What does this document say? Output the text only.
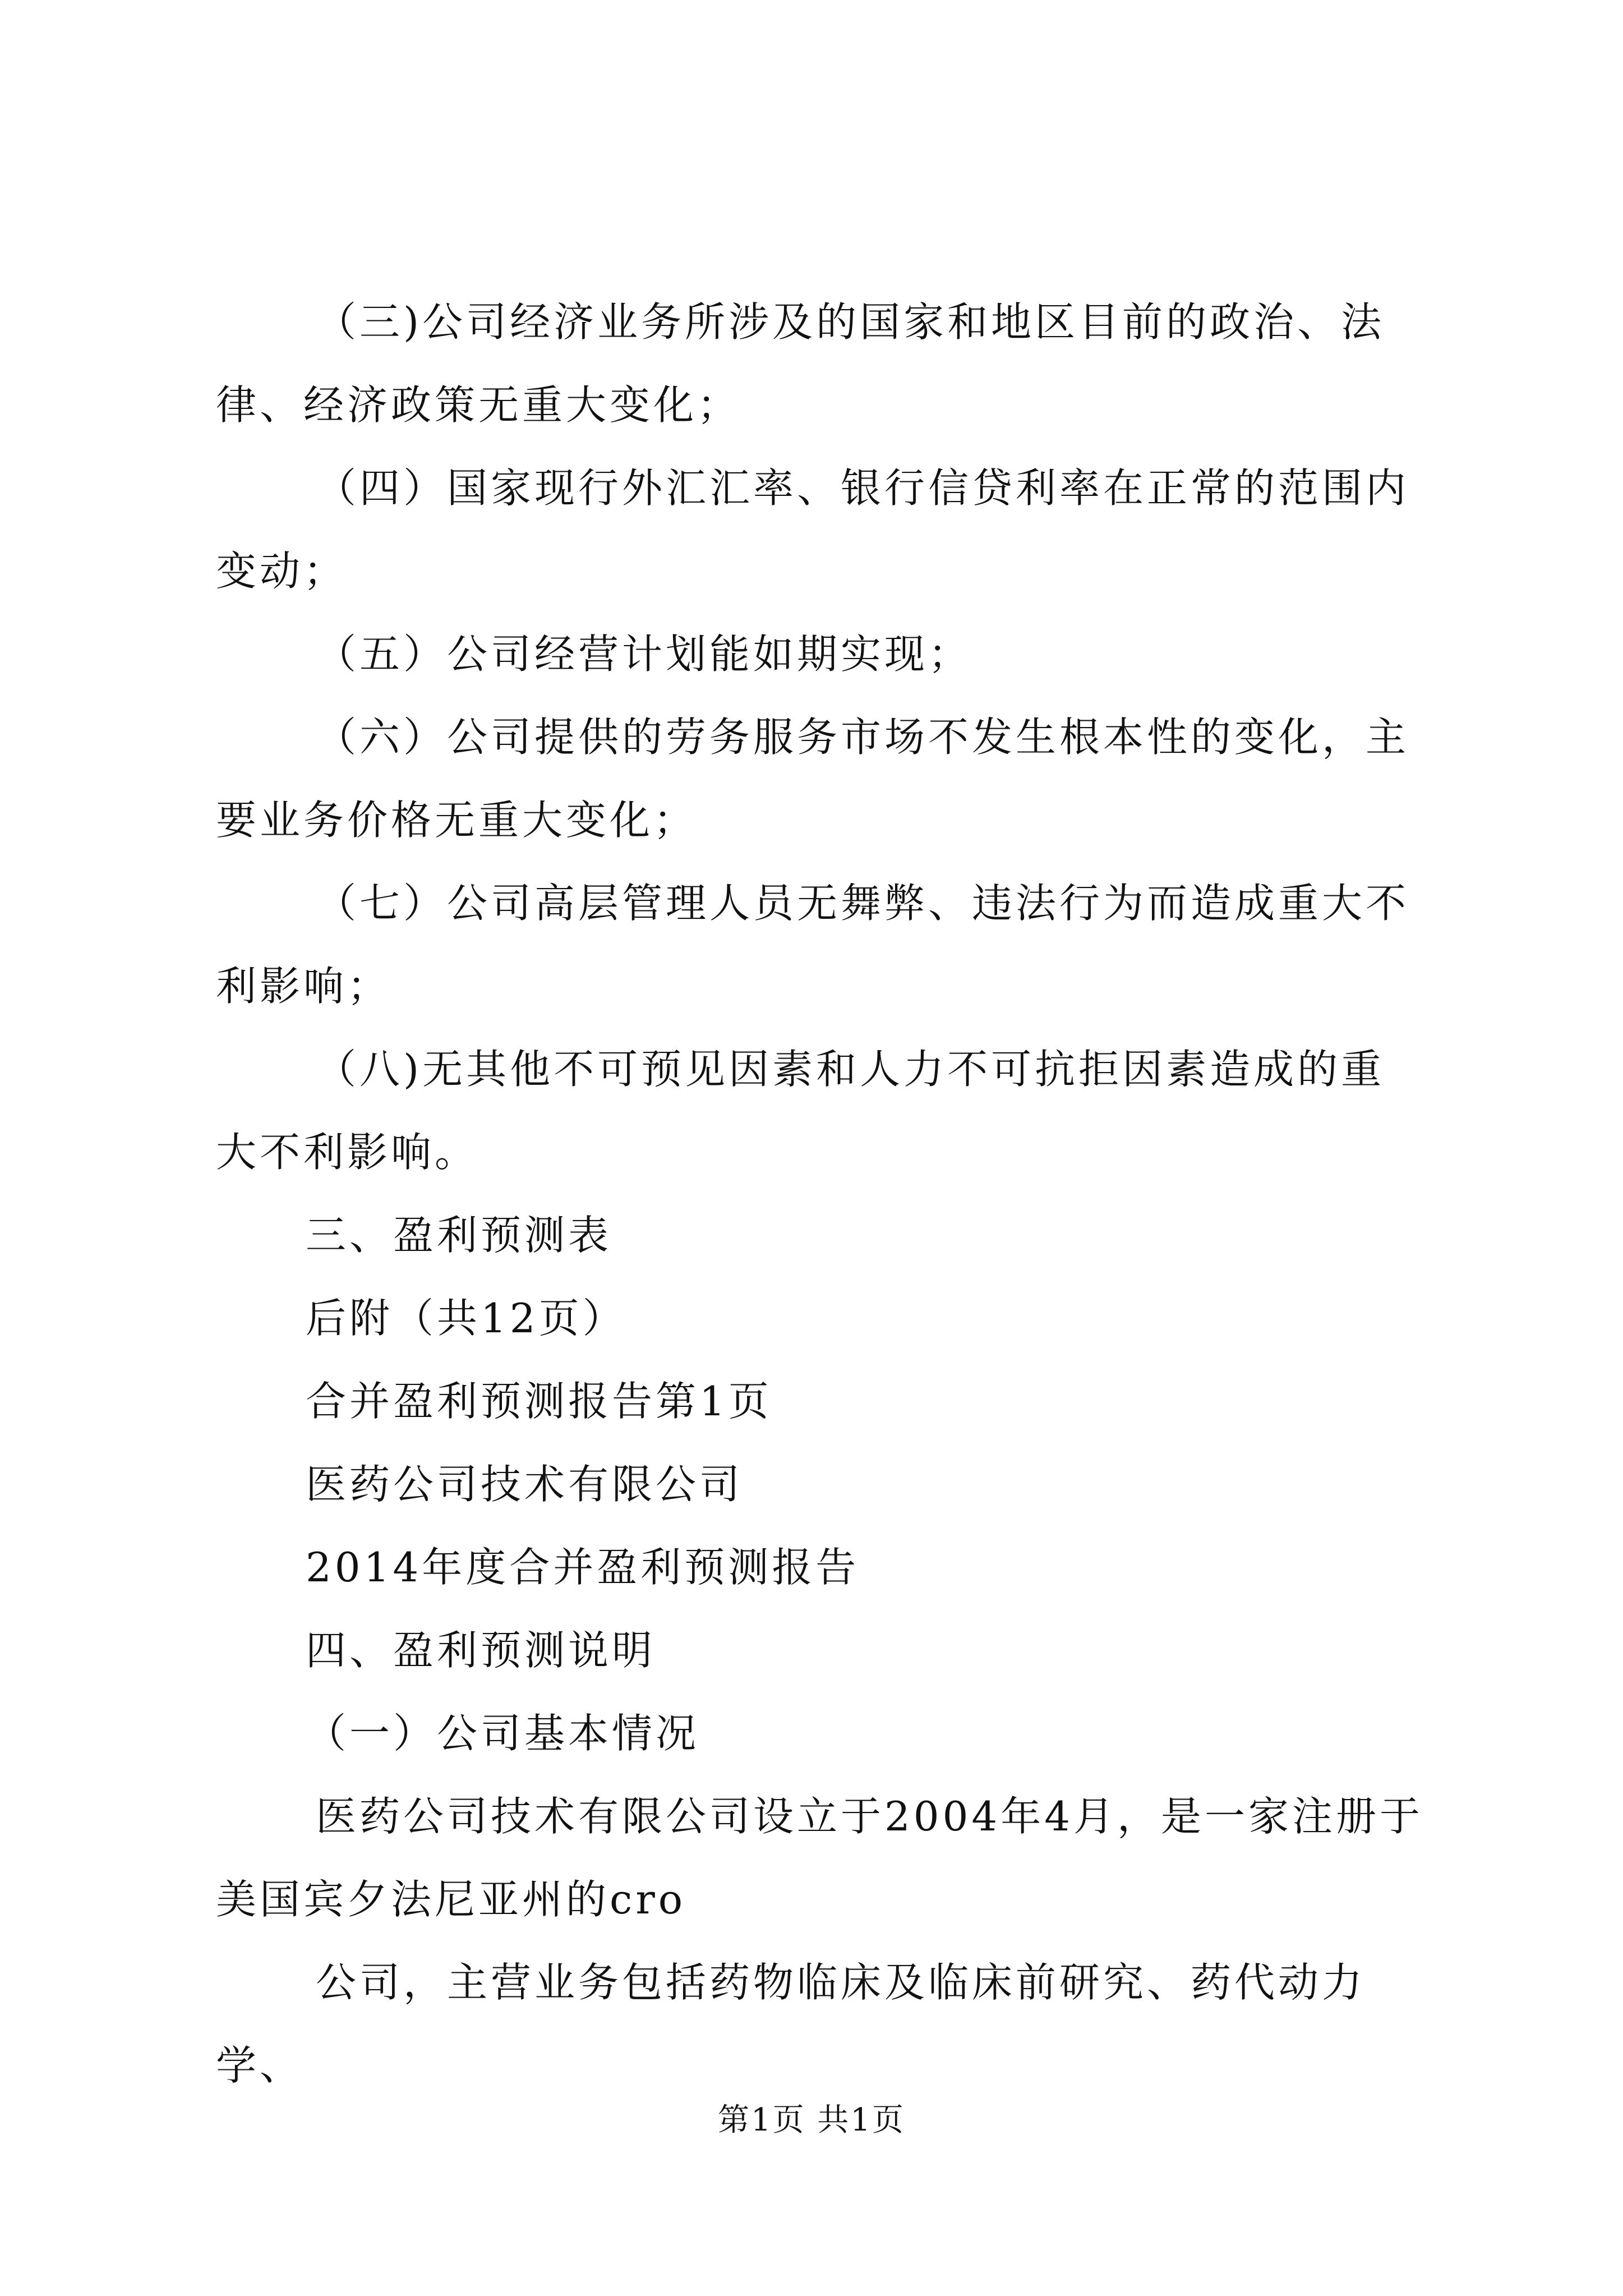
（三)公司经济业务所涉及的国家和地区目前的政治、法律、经济政策无重大变化；

（四）国家现行外汇汇率、银行信贷利率在正常的范围内变动；

（五）公司经营计划能如期实现；

（六）公司提供的劳务服务市场不发生根本性的变化，主要业务价格无重大变化；

（七）公司高层管理人员无舞弊、违法行为而造成重大不利影响；

（八)无其他不可预见因素和人力不可抗拒因素造成的重大不利影响。

三、盈利预测表

后附（共12页）

合并盈利预测报告第1页

医药公司技术有限公司

2014年度合并盈利预测报告

四、盈利预测说明

（一）公司基本情况

医药公司技术有限公司设立于2004年4月，是一家注册于美国宾夕法尼亚州的cro

公司，主营业务包括药物临床及临床前研究、药代动力学、

第1页 共1页
